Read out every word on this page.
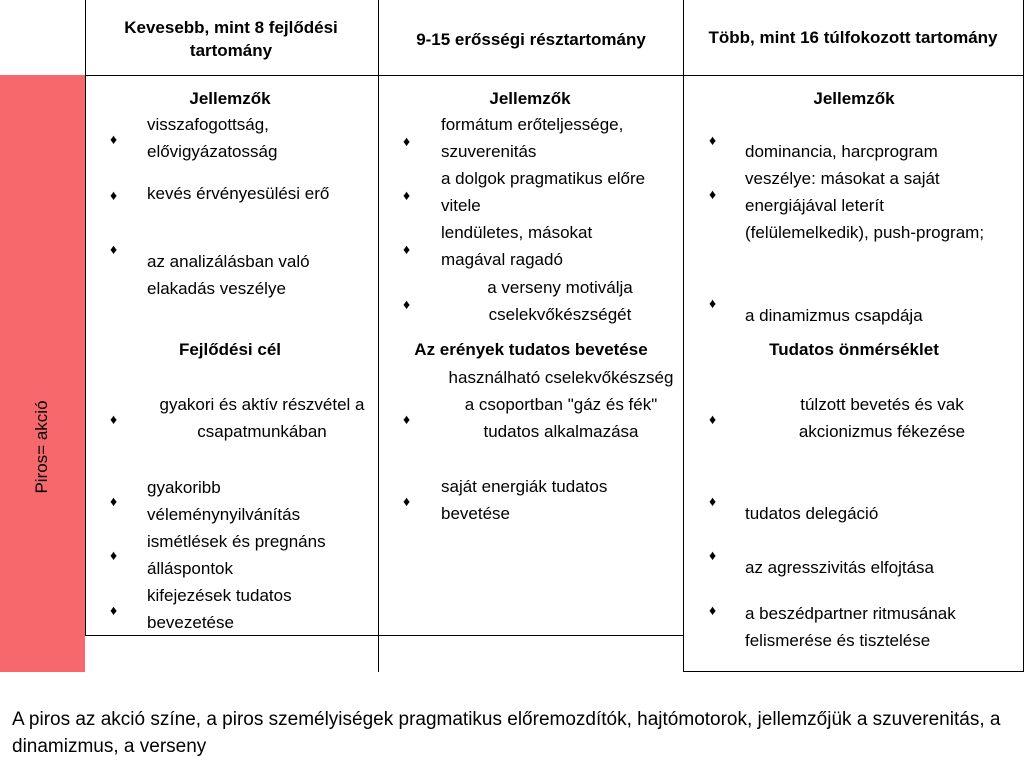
Piros= akció
Kevesebb, mint 8 fejlődési tartomány
9-15 erősségi résztartomány	Több, mint 16 túlfokozott tartomány
Jellemzők
♦
visszafogottság, elővigyázatosság
♦ kevés érvényesülési erő
♦
az analizálásban való elakadás veszélye
Fejlődési cél
♦
gyakori és aktív részvétel a csapatmunkában
♦
gyakoribb véleménynyilvánítás
♦
ismétlések és pregnáns álláspontok
♦
kifejezések tudatos bevezetése
Jellemzők
♦
formátum erőteljessége, szuverenitás
♦
a dolgok pragmatikus előre vitele
♦
lendületes, másokat magával ragadó
♦
a verseny motiválja cselekvőkészségét
Az erények tudatos bevetése
♦
használható cselekvőkészség a csoportban "gáz és fék" tudatos alkalmazása
♦
saját energiák tudatos bevetése
Jellemzők
♦
♦
dominancia, harcprogram veszélye: másokat a saját energiájával leterít (felülemelkedik), push-program;
♦
a dinamizmus csapdája
Tudatos önmérséklet
♦
túlzott bevetés és vak akcionizmus fékezése
♦
tudatos delegáció
♦
az agresszivitás elfojtása
♦ a beszédpartner ritmusának felismerése és tisztelése
A piros az akció színe, a piros személyiségek pragmatikus előremozdítók, hajtómotorok, jellemzőjük a szuverenitás, a dinamizmus, a verseny
